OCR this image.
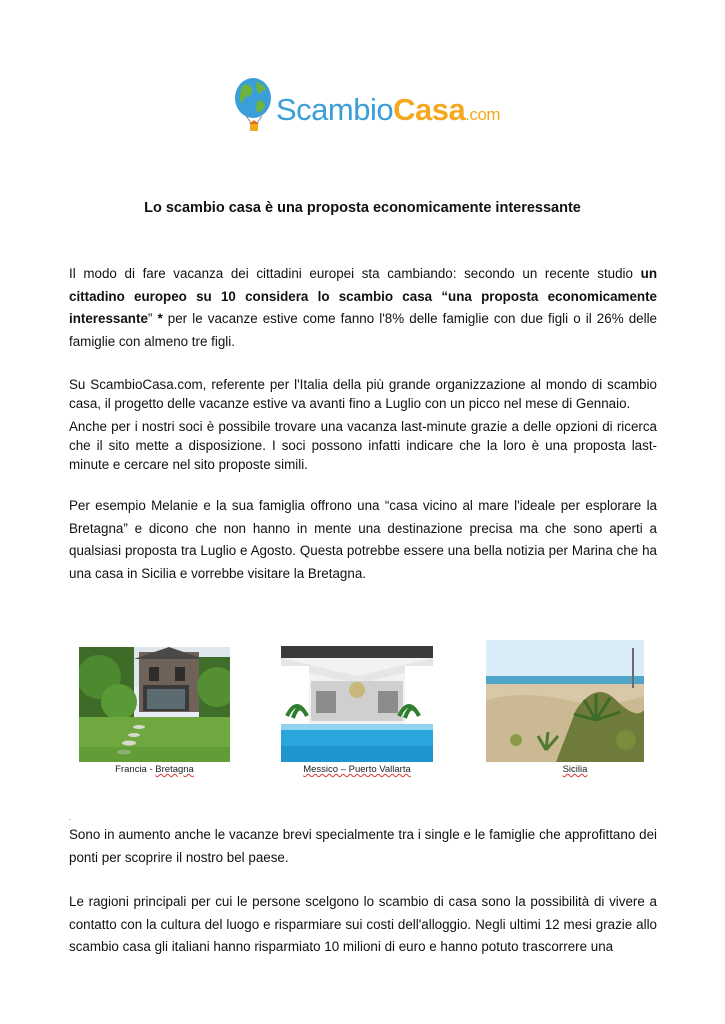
ScambioCasa.com
Lo scambio casa è una proposta economicamente interessante

Il modo di fare vacanza dei cittadini europei sta cambiando: secondo un recente studio un cittadino europeo su 10 considera lo scambio casa “una proposta economicamente interessante” * per le vacanze estive come fanno l'8% delle famiglie con due figli o il 26% delle famiglie con almeno tre figli.

Su ScambioCasa.com, referente per l'Italia della più grande organizzazione al mondo di scambio casa, il progetto delle vacanze estive va avanti fino a Luglio con un picco nel mese di Gennaio.

Anche per i nostri soci è possibile trovare una vacanza last-minute grazie a delle opzioni di ricerca che il sito mette a disposizione. I soci possono infatti indicare che la loro è una proposta last-minute e cercare nel sito proposte simili.

Per esempio Melanie e la sua famiglia offrono una “casa vicino al mare l'ideale per esplorare la Bretagna” e dicono che non hanno in mente una destinazione precisa ma che sono aperti a qualsiasi proposta tra Luglio e Agosto. Questa potrebbe essere una bella notizia per Marina che ha una casa in Sicilia e vorrebbe visitare la Bretagna.

Francia - Bretagna	Messico – Puerto Vallarta	Sicilia
.

Sono in aumento anche le vacanze brevi specialmente tra i single e le famiglie che approfittano dei ponti per scoprire il nostro bel paese.

Le ragioni principali per cui le persone scelgono lo scambio di casa sono la possibilità di vivere a contatto con la cultura del luogo e risparmiare sui costi dell'alloggio. Negli ultimi 12 mesi grazie allo scambio casa gli italiani hanno risparmiato 10 milioni di euro e hanno potuto trascorrere una
